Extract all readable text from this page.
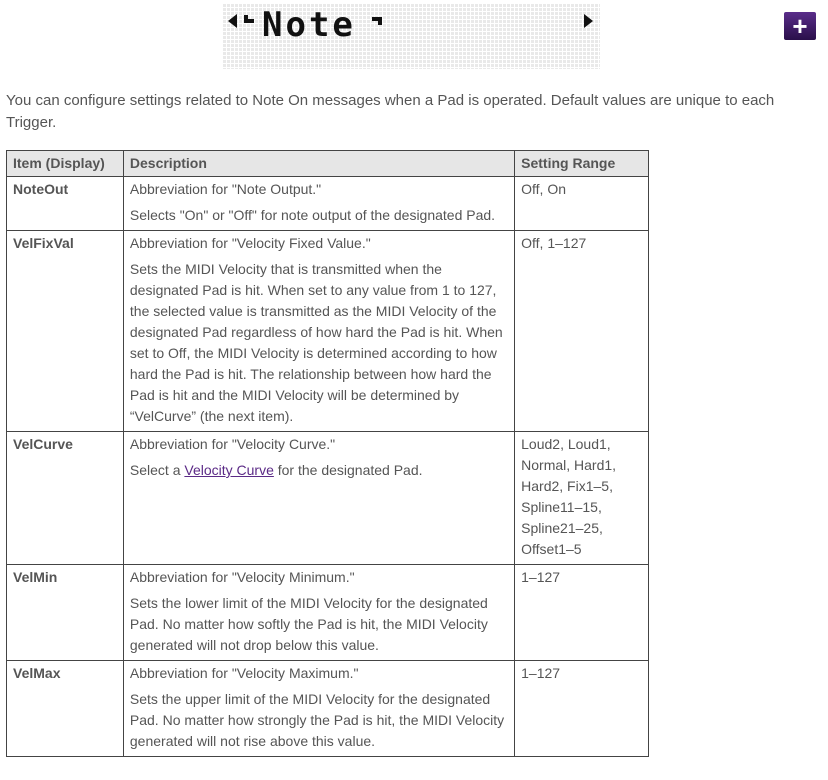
Note	+

You can configure settings related to Note On messages when a Pad is operated. Default values are unique to each Trigger.

Item (Display)	Description	Setting Range
NoteOut	Abbreviation for "Note Output."

Selects "On" or "Off" for note output of the designated Pad.	Off, On
VelFixVal	Abbreviation for "Velocity Fixed Value."

Sets the MIDI Velocity that is transmitted when the designated Pad is hit. When set to any value from 1 to 127, the selected value is transmitted as the MIDI Velocity of the designated Pad regardless of how hard the Pad is hit. When set to Off, the MIDI Velocity is determined according to how hard the Pad is hit. The relationship between how hard the Pad is hit and the MIDI Velocity will be determined by “VelCurve” (the next item).	Off, 1–127
VelCurve	Abbreviation for "Velocity Curve."

Select a Velocity Curve for the designated Pad.	Loud2, Loud1, Normal, Hard1, Hard2, Fix1–5, Spline11–15, Spline21–25, Offset1–5
VelMin	Abbreviation for "Velocity Minimum."

Sets the lower limit of the MIDI Velocity for the designated Pad. No matter how softly the Pad is hit, the MIDI Velocity generated will not drop below this value.	1–127
VelMax	Abbreviation for "Velocity Maximum."

Sets the upper limit of the MIDI Velocity for the designated Pad. No matter how strongly the Pad is hit, the MIDI Velocity generated will not rise above this value.	1–127
